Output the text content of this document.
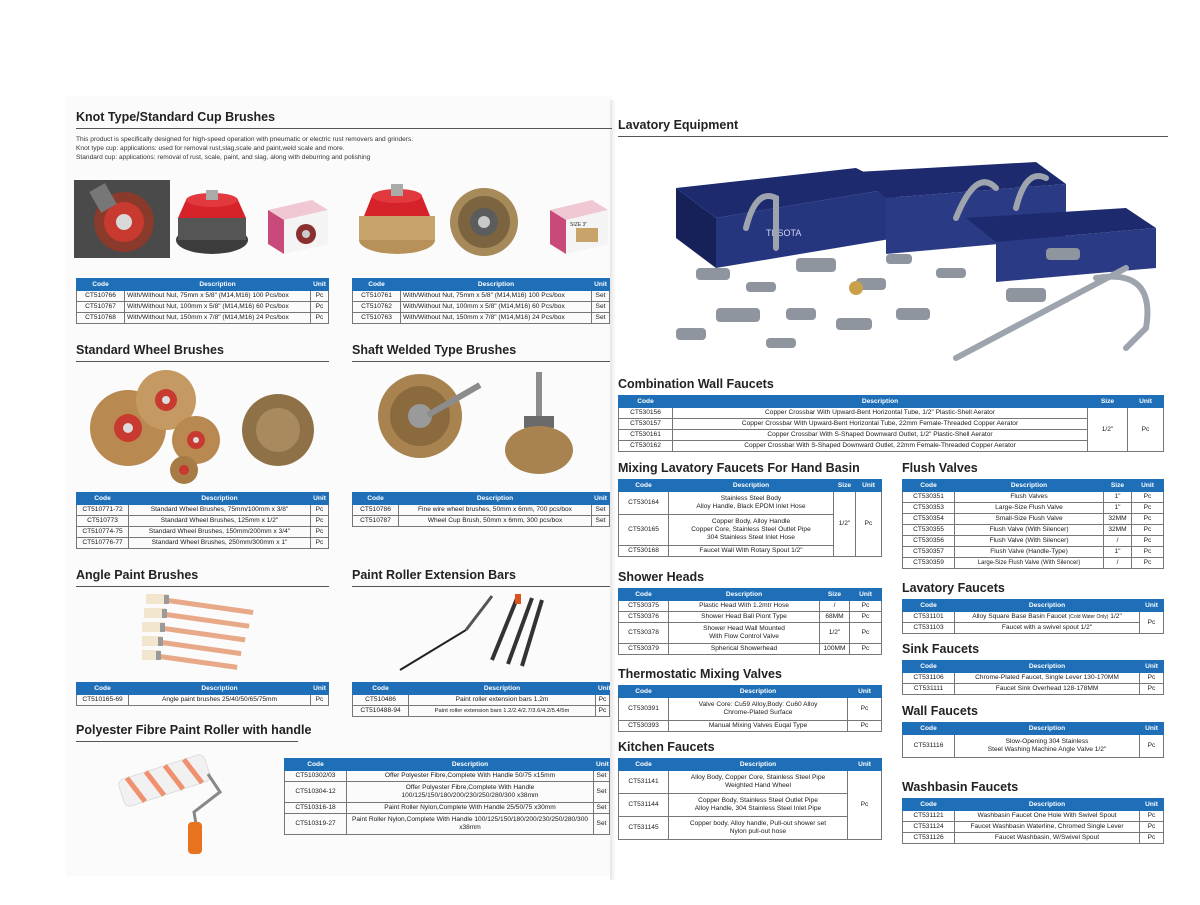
Knot Type/Standard Cup Brushes

This product is specifically designed for high-speed operation with pneumatic or electric rust removers and grinders.
Knot type cup: applications: used for removal rust,slag,scale and paint,weld scale and more.
Standard cup: applications: removal of rust, scale, paint, and slag, along with deburring and polishing
SIZE 3"
Code	Description	Unit
CT510766	With/Without Nut, 75mm x 5/8" (M14,M16) 100 Pcs/box	Pc
CT510767	With/Without Nut, 100mm x 5/8" (M14,M16) 60 Pcs/box	Pc
CT510768	With/Without Nut, 150mm x 7/8" (M14,M16) 24 Pcs/box	Pc
Code	Description	Unit
CT510761	With/Without Nut, 75mm x 5/8" (M14,M16) 100 Pcs/box	Set
CT510762	With/Without Nut, 100mm x 5/8" (M14,M16) 60 Pcs/box	Set
CT510763	With/Without Nut, 150mm x 7/8" (M14,M16) 24 Pcs/box	Set

Standard Wheel Brushes

Code	Description	Unit
CT510771-72	Standard Wheel Brushes, 75mm/100mm x 3/8"	Pc
CT510773	Standard Wheel Brushes, 125mm x 1/2"	Pc
CT510774-75	Standard Wheel Brushes, 150mm/200mm x 3/4"	Pc
CT510776-77	Standard Wheel Brushes, 250mm/300mm x 1"	Pc

Shaft Welded Type Brushes

Code	Description	Unit
CT510786	Fine wire wheel brushes, 50mm x 6mm, 700 pcs/box	Set
CT510787	Wheel Cup Brush, 50mm x 6mm, 300 pcs/box	Set

Angle Paint Brushes

Code	Description	Unit
CT510165-69	Angle paint brushes 25/40/50/65/75mm	Pc

Paint Roller Extension Bars

Code	Description	Unit
CT510486	Paint roller extension bars 1.2m	Pc
CT510488-94	Paint roller extension bars 1.2/2.4/2.7/3.6/4.2/5.4/5m	Pc

Polyester Fibre Paint Roller with handle

Code	Description	Unit
CT510302/03	Offer Polyester Fibre,Complete With Handle 50/75 x15mm	Set
CT510304-12	Offer Polyester Fibre,Complete With Handle 100/125/150/180/200/230/250/280/300 x38mm	Set
CT510316-18	Paint Roller Nylon,Complete With Handle 25/50/75 x30mm	Set
CT510319-27	Paint Roller Nylon,Complete With Handle 100/125/150/180/200/230/250/280/300 x38mm	Set

Lavatory Equipment

TESOTA

Combination Wall Faucets

Code	Description	Size	Unit
CT530156	Copper Crossbar With Upward-Bent Horizontal Tube, 1/2" Plastic-Shell Aerator	1/2"	Pc
CT530157	Copper Crossbar With Upward-Bent Horizontal Tube, 22mm Female-Threaded Copper Aerator		
CT530161	Copper Crossbar With S-Shaped Downward Outlet, 1/2" Plastic-Shell Aerator		
CT530162	Copper Crossbar With S-Shaped Downward Outlet, 22mm Female-Threaded Copper Aerator		

Mixing Lavatory Faucets For Hand Basin

Code	Description	Size	Unit
CT530164	Stainless Steel Body
Alloy Handle, Black EPDM Inlet Hose	1/2"	Pc
CT530165	Copper Body, Alloy Handle
Copper Core, Stainless Steel Outlet Pipe
304 Stainless Steel Inlet Hose		

CT530168	Faucet Wall With Rotary Spout 1/2"		

Flush Valves

Code	Description	Size	Unit
CT530351	Flush Valves	1"	Pc
CT530353	Large-Size Flush Valve	1"	Pc
CT530354	Small-Size Flush Valve	32MM	Pc
CT530355	Flush Valve (With Silencer)	32MM	Pc
CT530356	Flush Valve (With Silencer)	/	Pc
CT530357	Flush Valve (Handle-Type)	1"	Pc
CT530359	Large-Size Flush Valve (With Silencer)	/	Pc

Shower Heads

Code	Description	Size	Unit
CT530375	Plastic Head With 1.2mtr Hose	/	Pc
CT530376	Shower Head Ball Piont Type	68MM	Pc
CT530378	Shower Head Wall Mounted
With Flow Control Valve	1/2"	Pc
CT530379	Spherical Showerhead	100MM	Pc

Lavatory Faucets

Code	Description	Unit
CT531101	Alloy Square Base Basin Faucet (Cold Water Only) 1/2"	Pc
CT531103	Faucet with a swivel spout 1/2"	

Sink Faucets

Code	Description	Unit
CT531106	Chrome-Plated Faucet, Single Lever 130-170MM	Pc
CT531111	Faucet Sink Overhead 128-178MM	Pc

Thermostatic Mixing Valves

Code	Description	Unit
CT530391	Valve Core: Cu59 Alloy,Body: Cu60 Alloy
Chrome-Plated Surface	Pc
CT530393	Manual Mixing Valves Euqal Type	Pc

Wall Faucets

Code	Description	Unit
CT531116	Slow-Opening 304 Stainless
Steel Washing Machine Angle Valve 1/2"	Pc

Kitchen Faucets

Code	Description	Unit
CT531141	Alloy Body, Copper Core, Stainless Steel Pipe
Weighted Hand Wheel	Pc
CT531144	Copper Body, Stainless Steel Outlet Pipe
Alloy Handle, 304 Stainless Steel Inlet Pipe	

CT531145	Copper body, Alloy handle, Pull-out shower set
Nylon pull-out hose	

Washbasin Faucets

Code	Description	Unit
CT531121	Washbasin Faucet One Hole With Swivel Spout	Pc
CT531124	Faucet Washbasin Waterline, Chromed Single Lever	Pc
CT531126	Faucet Washbasin, W/Swivel Spout	Pc
